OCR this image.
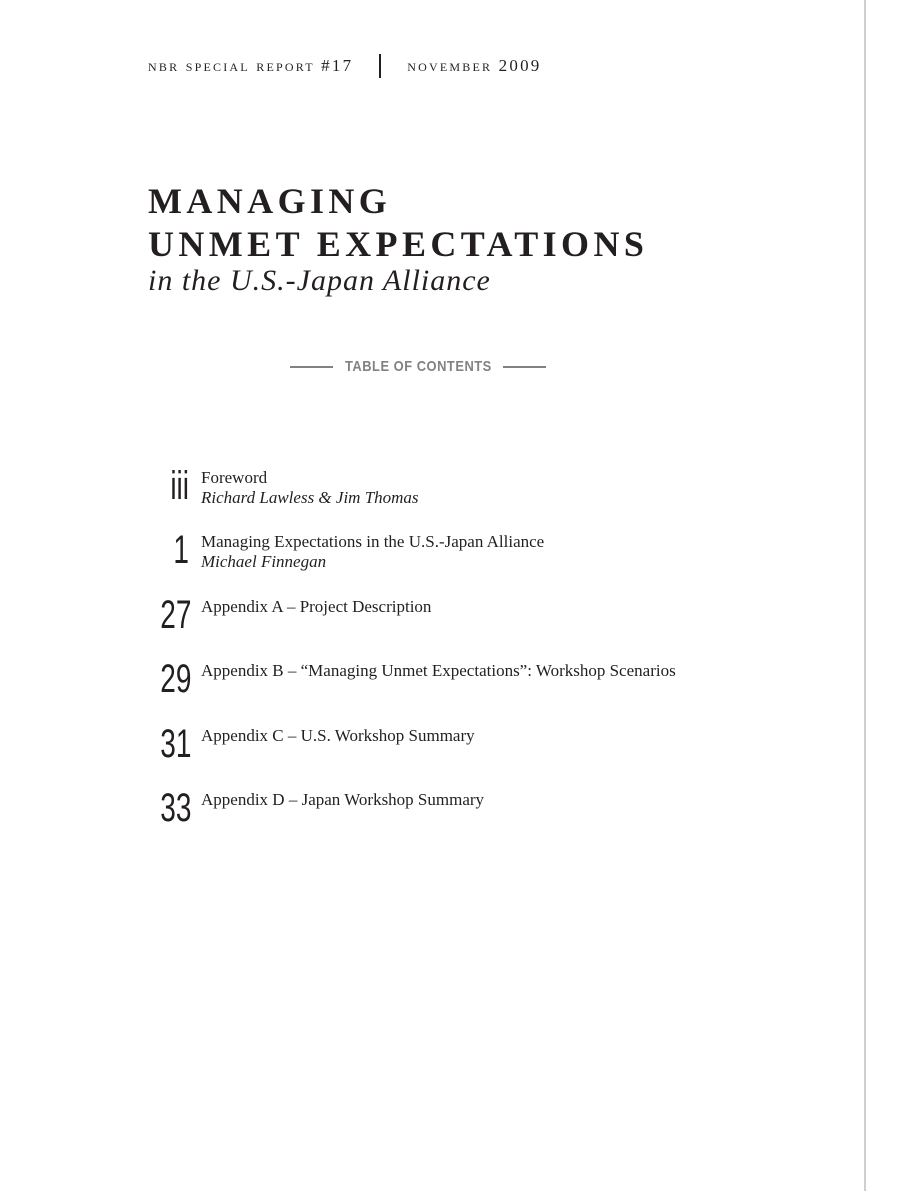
nbr special report #17	november 2009
MANAGING
UNMET EXPECTATIONS
in the U.S.-Japan Alliance
TABLE OF CONTENTS
iii Foreword
Richard Lawless & Jim Thomas
1 Managing Expectations in the U.S.-Japan Alliance
Michael Finnegan
27 Appendix A – Project Description
29 Appendix B – “Managing Unmet Expectations”: Workshop Scenarios
31 Appendix C – U.S. Workshop Summary
33 Appendix D – Japan Workshop Summary
